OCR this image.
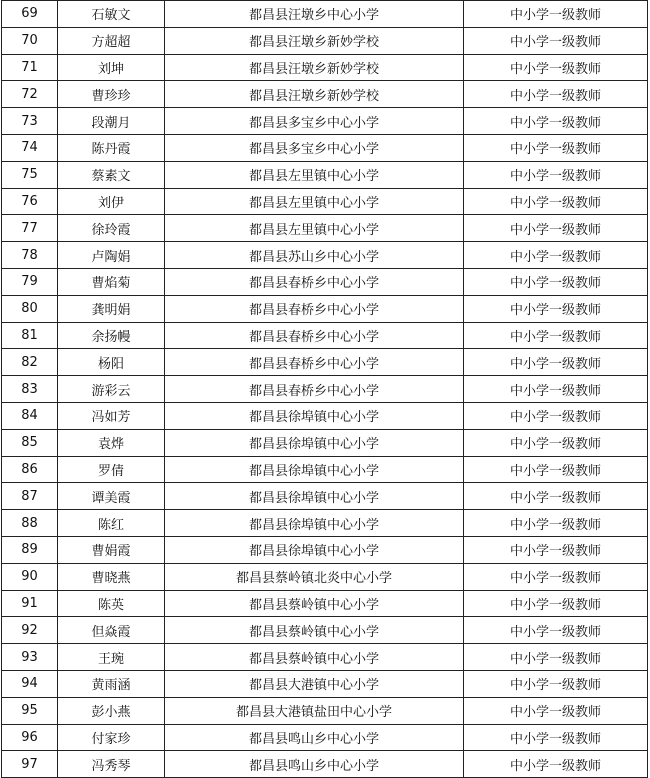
69	石敏文	都昌县汪墩乡中心小学	中小学一级教师
70	方超超	都昌县汪墩乡新妙学校	中小学一级教师
71	刘坤	都昌县汪墩乡新妙学校	中小学一级教师
72	曹珍珍	都昌县汪墩乡新妙学校	中小学一级教师
73	段潮月	都昌县多宝乡中心小学	中小学一级教师
74	陈丹霞	都昌县多宝乡中心小学	中小学一级教师
75	蔡素文	都昌县左里镇中心小学	中小学一级教师
76	刘伊	都昌县左里镇中心小学	中小学一级教师
77	徐玲霞	都昌县左里镇中心小学	中小学一级教师
78	卢陶娟	都昌县苏山乡中心小学	中小学一级教师
79	曹焰菊	都昌县春桥乡中心小学	中小学一级教师
80	龚明娟	都昌县春桥乡中心小学	中小学一级教师
81	余扬幔	都昌县春桥乡中心小学	中小学一级教师
82	杨阳	都昌县春桥乡中心小学	中小学一级教师
83	游彩云	都昌县春桥乡中心小学	中小学一级教师
84	冯如芳	都昌县徐埠镇中心小学	中小学一级教师
85	袁烨	都昌县徐埠镇中心小学	中小学一级教师
86	罗倩	都昌县徐埠镇中心小学	中小学一级教师
87	谭美霞	都昌县徐埠镇中心小学	中小学一级教师
88	陈红	都昌县徐埠镇中心小学	中小学一级教师
89	曹娟霞	都昌县徐埠镇中心小学	中小学一级教师
90	曹晓燕	都昌县蔡岭镇北炎中心小学	中小学一级教师
91	陈英	都昌县蔡岭镇中心小学	中小学一级教师
92	但焱霞	都昌县蔡岭镇中心小学	中小学一级教师
93	王琬	都昌县蔡岭镇中心小学	中小学一级教师
94	黄雨涵	都昌县大港镇中心小学	中小学一级教师
95	彭小燕	都昌县大港镇盐田中心小学	中小学一级教师
96	付家珍	都昌县鸣山乡中心小学	中小学一级教师
97	冯秀琴	都昌县鸣山乡中心小学	中小学一级教师
